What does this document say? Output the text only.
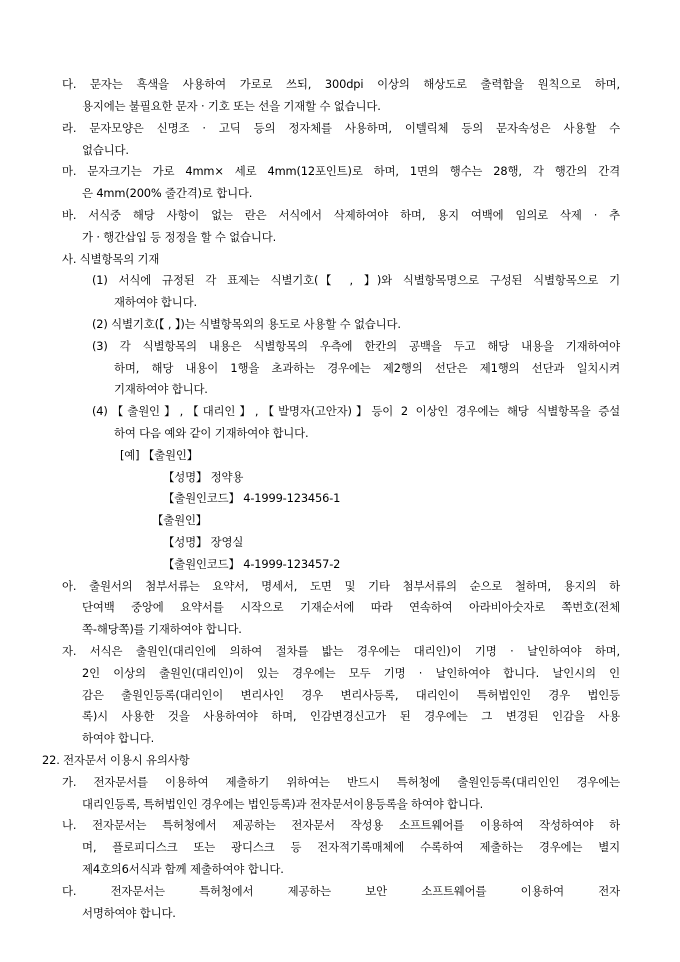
다. 문자는 흑색을 사용하여 가로로 쓰되, 300dpi 이상의 해상도로 출력함을 원칙으로 하며,
용지에는 불필요한 문자 · 기호 또는 선을 기재할 수 없습니다.
라. 문자모양은 신명조 · 고딕 등의 정자체를 사용하며, 이텔릭체 등의 문자속성은 사용할 수
없습니다.
마. 문자크기는 가로 4mm× 세로 4mm(12포인트)로 하며, 1면의 행수는 28행, 각 행간의 간격
은 4mm(200% 줄간격)로 합니다.
바. 서식중 해당 사항이 없는 란은 서식에서 삭제하여야 하며, 용지 여백에 임의로 삭제 · 추
가 · 행간삽입 등 정정을 할 수 없습니다.
사. 식별항목의 기재
(1) 서식에 규정된 각 표제는 식별기호(【 , 】)와 식별항목명으로 구성된 식별항목으로 기
재하여야 합니다.
(2) 식별기호(【 , 】)는 식별항목외의 용도로 사용할 수 없습니다.
(3) 각 식별항목의 내용은 식별항목의 우측에 한칸의 공백을 두고 해당 내용을 기재하여야
하며, 해당 내용이 1행을 초과하는 경우에는 제2행의 선단은 제1행의 선단과 일치시켜
기재하여야 합니다.
(4)【출원인】,【대리인】,【발명자(고안자)】등이 2 이상인 경우에는 해당 식별항목을 증설
하여 다음 예와 같이 기재하여야 합니다.
[예] 【출원인】
【성명】 정약용
【출원인코드】 4-1999-123456-1
【출원인】
【성명】 장영실
【출원인코드】 4-1999-123457-2
아. 출원서의 첨부서류는 요약서, 명세서, 도면 및 기타 첨부서류의 순으로 철하며, 용지의 하
단여백 중앙에 요약서를 시작으로 기재순서에 따라 연속하여 아라비아숫자로 쪽번호(전체
쪽-해당쪽)를 기재하여야 합니다.
자. 서식은 출원인(대리인에 의하여 절차를 밟는 경우에는 대리인)이 기명 · 날인하여야 하며,
2인 이상의 출원인(대리인)이 있는 경우에는 모두 기명 · 날인하여야 합니다. 날인시의 인
감은 출원인등록(대리인이 변리사인 경우 변리사등록, 대리인이 특허법인인 경우 법인등
록)시 사용한 것을 사용하여야 하며, 인감변경신고가 된 경우에는 그 변경된 인감을 사용
하여야 합니다.
22. 전자문서 이용시 유의사항
가. 전자문서를 이용하여 제출하기 위하여는 반드시 특허청에 출원인등록(대리인인 경우에는
대리인등록, 특허법인인 경우에는 법인등록)과 전자문서이용등록을 하여야 합니다.
나. 전자문서는 특허청에서 제공하는 전자문서 작성용 소프트웨어를 이용하여 작성하여야 하
며, 플로피디스크 또는 광디스크 등 전자적기록매체에 수록하여 제출하는 경우에는 별지
제4호의6서식과 함께 제출하여야 합니다.
다. 전자문서는 특허청에서 제공하는 보안 소프트웨어를 이용하여 전자
서명하여야 합니다.
